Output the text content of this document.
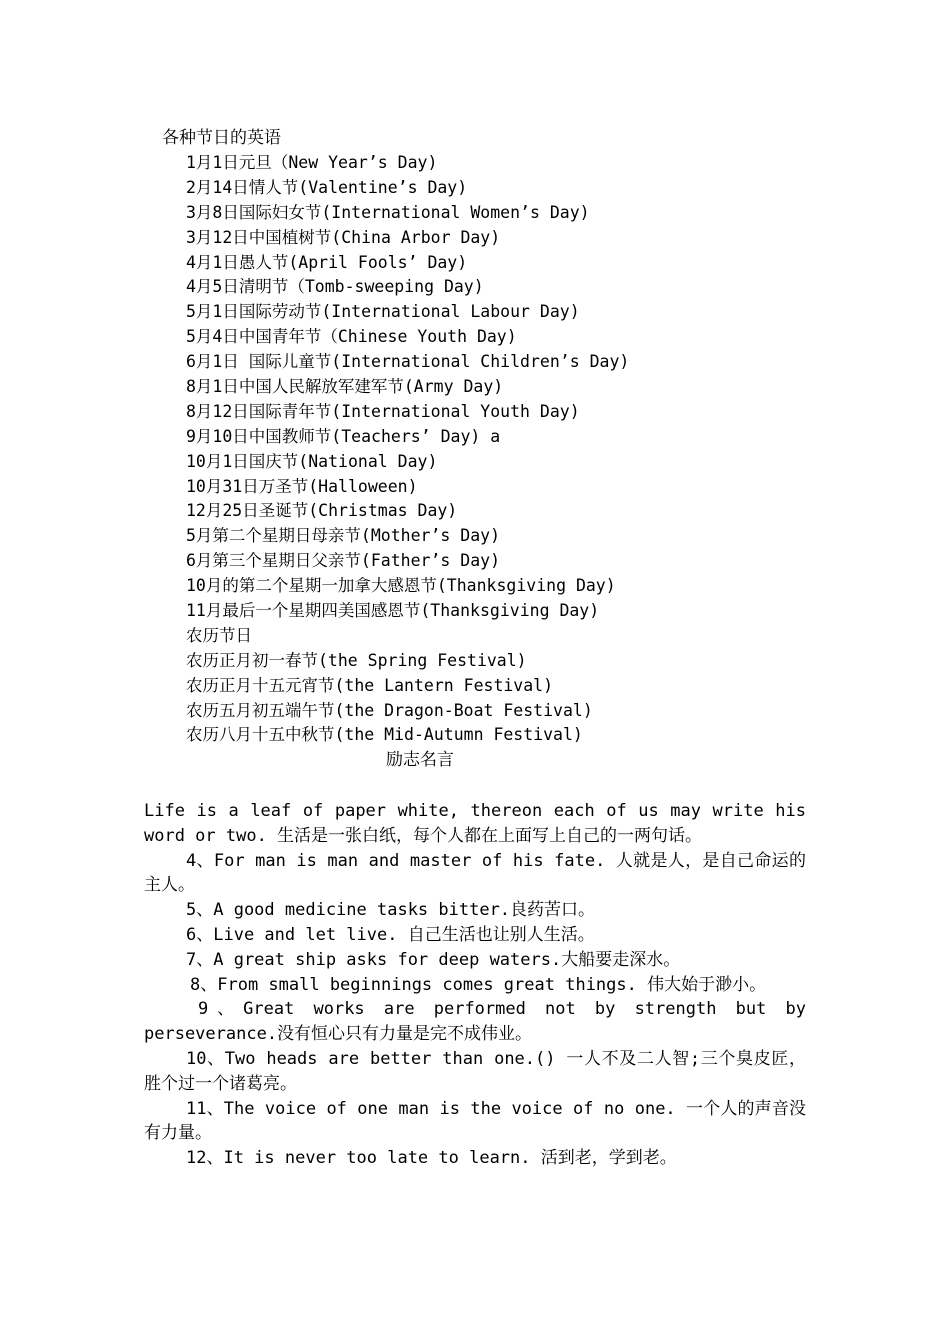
各种节日的英语
1月1日元旦（New Year’s Day)
2月14日情人节(Valentine’s Day)
3月8日国际妇女节(International Women’s Day)
3月12日中国植树节(China Arbor Day)
4月1日愚人节(April Fools’ Day)
4月5日清明节（Tomb-sweeping Day)
5月1日国际劳动节(International Labour Day)
5月4日中国青年节（Chinese Youth Day)
6月1日 国际儿童节(International Children’s Day)
8月1日中国人民解放军建军节(Army Day)
8月12日国际青年节(International Youth Day)
9月10日中国教师节(Teachers’ Day) a
10月1日国庆节(National Day)
10月31日万圣节(Halloween)
12月25日圣诞节(Christmas Day)
5月第二个星期日母亲节(Mother’s Day)
6月第三个星期日父亲节(Father’s Day)
10月的第二个星期一加拿大感恩节(Thanksgiving Day)
11月最后一个星期四美国感恩节(Thanksgiving Day)
农历节日
农历正月初一春节(the Spring Festival)
农历正月十五元宵节(the Lantern Festival)
农历五月初五端午节(the Dragon-Boat Festival)
农历八月十五中秋节(the Mid-Autumn Festival)
励志名言

Life is a leaf of paper white, thereon each of us may write his word or two. 生活是一张白纸，每个人都在上面写上自己的一两句话。

4、For man is man and master of his fate. 人就是人，是自己命运的主人。

5、A good medicine tasks bitter.良药苦口。

6、Live and let live. 自己生活也让别人生活。

7、A great ship asks for deep waters.大船要走深水。

8、From small beginnings comes great things. 伟大始于渺小。

9、Great works are performed not by strength but by perseverance.没有恒心只有力量是完不成伟业。

10、Two heads are better than one.() 一人不及二人智;三个臭皮匠，胜个过一个诸葛亮。

11、The voice of one man is the voice of no one. 一个人的声音没有力量。

12、It is never too late to learn. 活到老，学到老。
